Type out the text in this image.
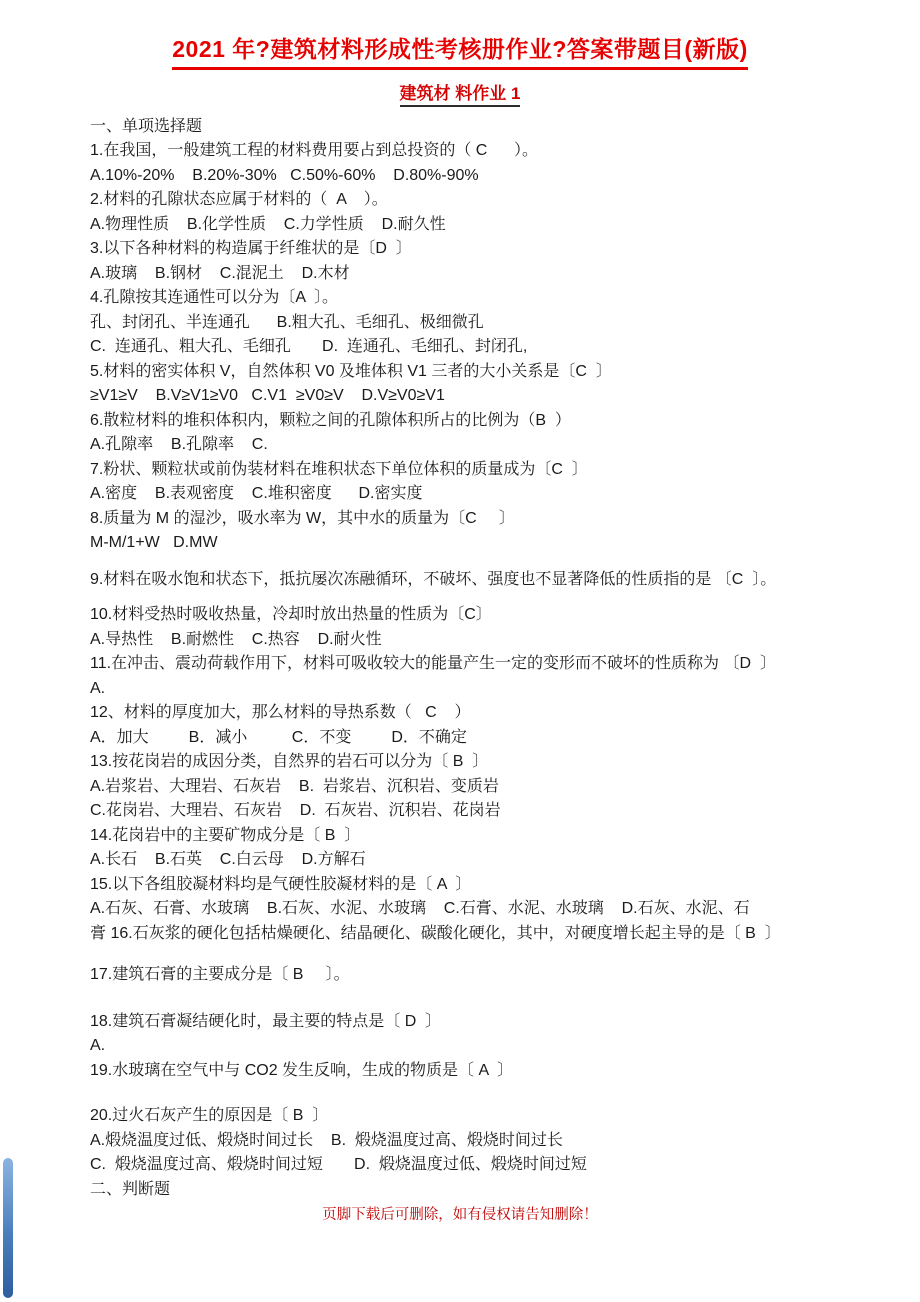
2021 年?建筑材料形成性考核册作业?答案带题目(新版)
建筑材 料作业 1

一、单项选择题

1.在我国，一般建筑工程的材料费用要占到总投资的（ C      ）。

A.10%-20%    B.20%-30%   C.50%-60%    D.80%-90%

2.材料的孔隙状态应属于材料的（  A    ）。

A.物理性质    B.化学性质    C.力学性质    D.耐久性

3.以下各种材料的构造属于纤维状的是〔D  〕

A.玻璃    B.钢材    C.混泥土    D.木材

4.孔隙按其连通性可以分为〔A  〕。

孔、封闭孔、半连通孔      B.粗大孔、毛细孔、极细微孔

C.  连通孔、粗大孔、毛细孔       D.  连通孔、毛细孔、封闭孔,

5.材料的密实体积 V，自然体积 V0 及堆体积 V1 三者的大小关系是〔C  〕

≥V1≥V    B.V≥V1≥V0   C.V1  ≥V0≥V    D.V≥V0≥V1

6.散粒材料的堆积体积内，颗粒之间的孔隙体积所占的比例为（B  ）

A.孔隙率    B.孔隙率    C.

7.粉状、颗粒状或前伪装材料在堆积状态下单位体积的质量成为〔C  〕

A.密度    B.表观密度    C.堆积密度      D.密实度

8.质量为 M 的湿沙，吸水率为 W，其中水的质量为〔C     〕

M-M/1+W   D.MW

9.材料在吸水饱和状态下，抵抗屡次冻融循环，不破坏、强度也不显著降低的性质指的是 〔C  〕。

10.材料受热时吸收热量，冷却时放出热量的性质为〔C〕

A.导热性    B.耐燃性    C.热容    D.耐火性

11.在冲击、震动荷载作用下，材料可吸收较大的能量产生一定的变形而不破坏的性质称为 〔D  〕

A.

12、材料的厚度加大，那么材料的导热系数（   C    ）

A．加大         B．减小          C．不变         D．不确定

13.按花岗岩的成因分类，自然界的岩石可以分为〔 B  〕

A.岩浆岩、大理岩、石灰岩    B.  岩浆岩、沉积岩、变质岩

C.花岗岩、大理岩、石灰岩    D.  石灰岩、沉积岩、花岗岩

14.花岗岩中的主要矿物成分是〔 B  〕

A.长石    B.石英    C.白云母    D.方解石

15.以下各组胶凝材料均是气硬性胶凝材料的是〔 A  〕

A.石灰、石膏、水玻璃    B.石灰、水泥、水玻璃    C.石膏、水泥、水玻璃    D.石灰、水泥、石

膏 16.石灰浆的硬化包括枯燥硬化、结晶硬化、碳酸化硬化，其中，对硬度增长起主导的是〔 B  〕

17.建筑石膏的主要成分是〔 B     〕。

18.建筑石膏凝结硬化时，最主要的特点是〔 D  〕

A.

19.水玻璃在空气中与 CO2 发生反响，生成的物质是〔 A  〕

20.过火石灰产生的原因是〔 B  〕

A.煅烧温度过低、煅烧时间过长    B.  煅烧温度过高、煅烧时间过长

C.  煅烧温度过高、煅烧时间过短       D.  煅烧温度过低、煅烧时间过短

二、判断题

页脚下载后可删除，如有侵权请告知删除！
